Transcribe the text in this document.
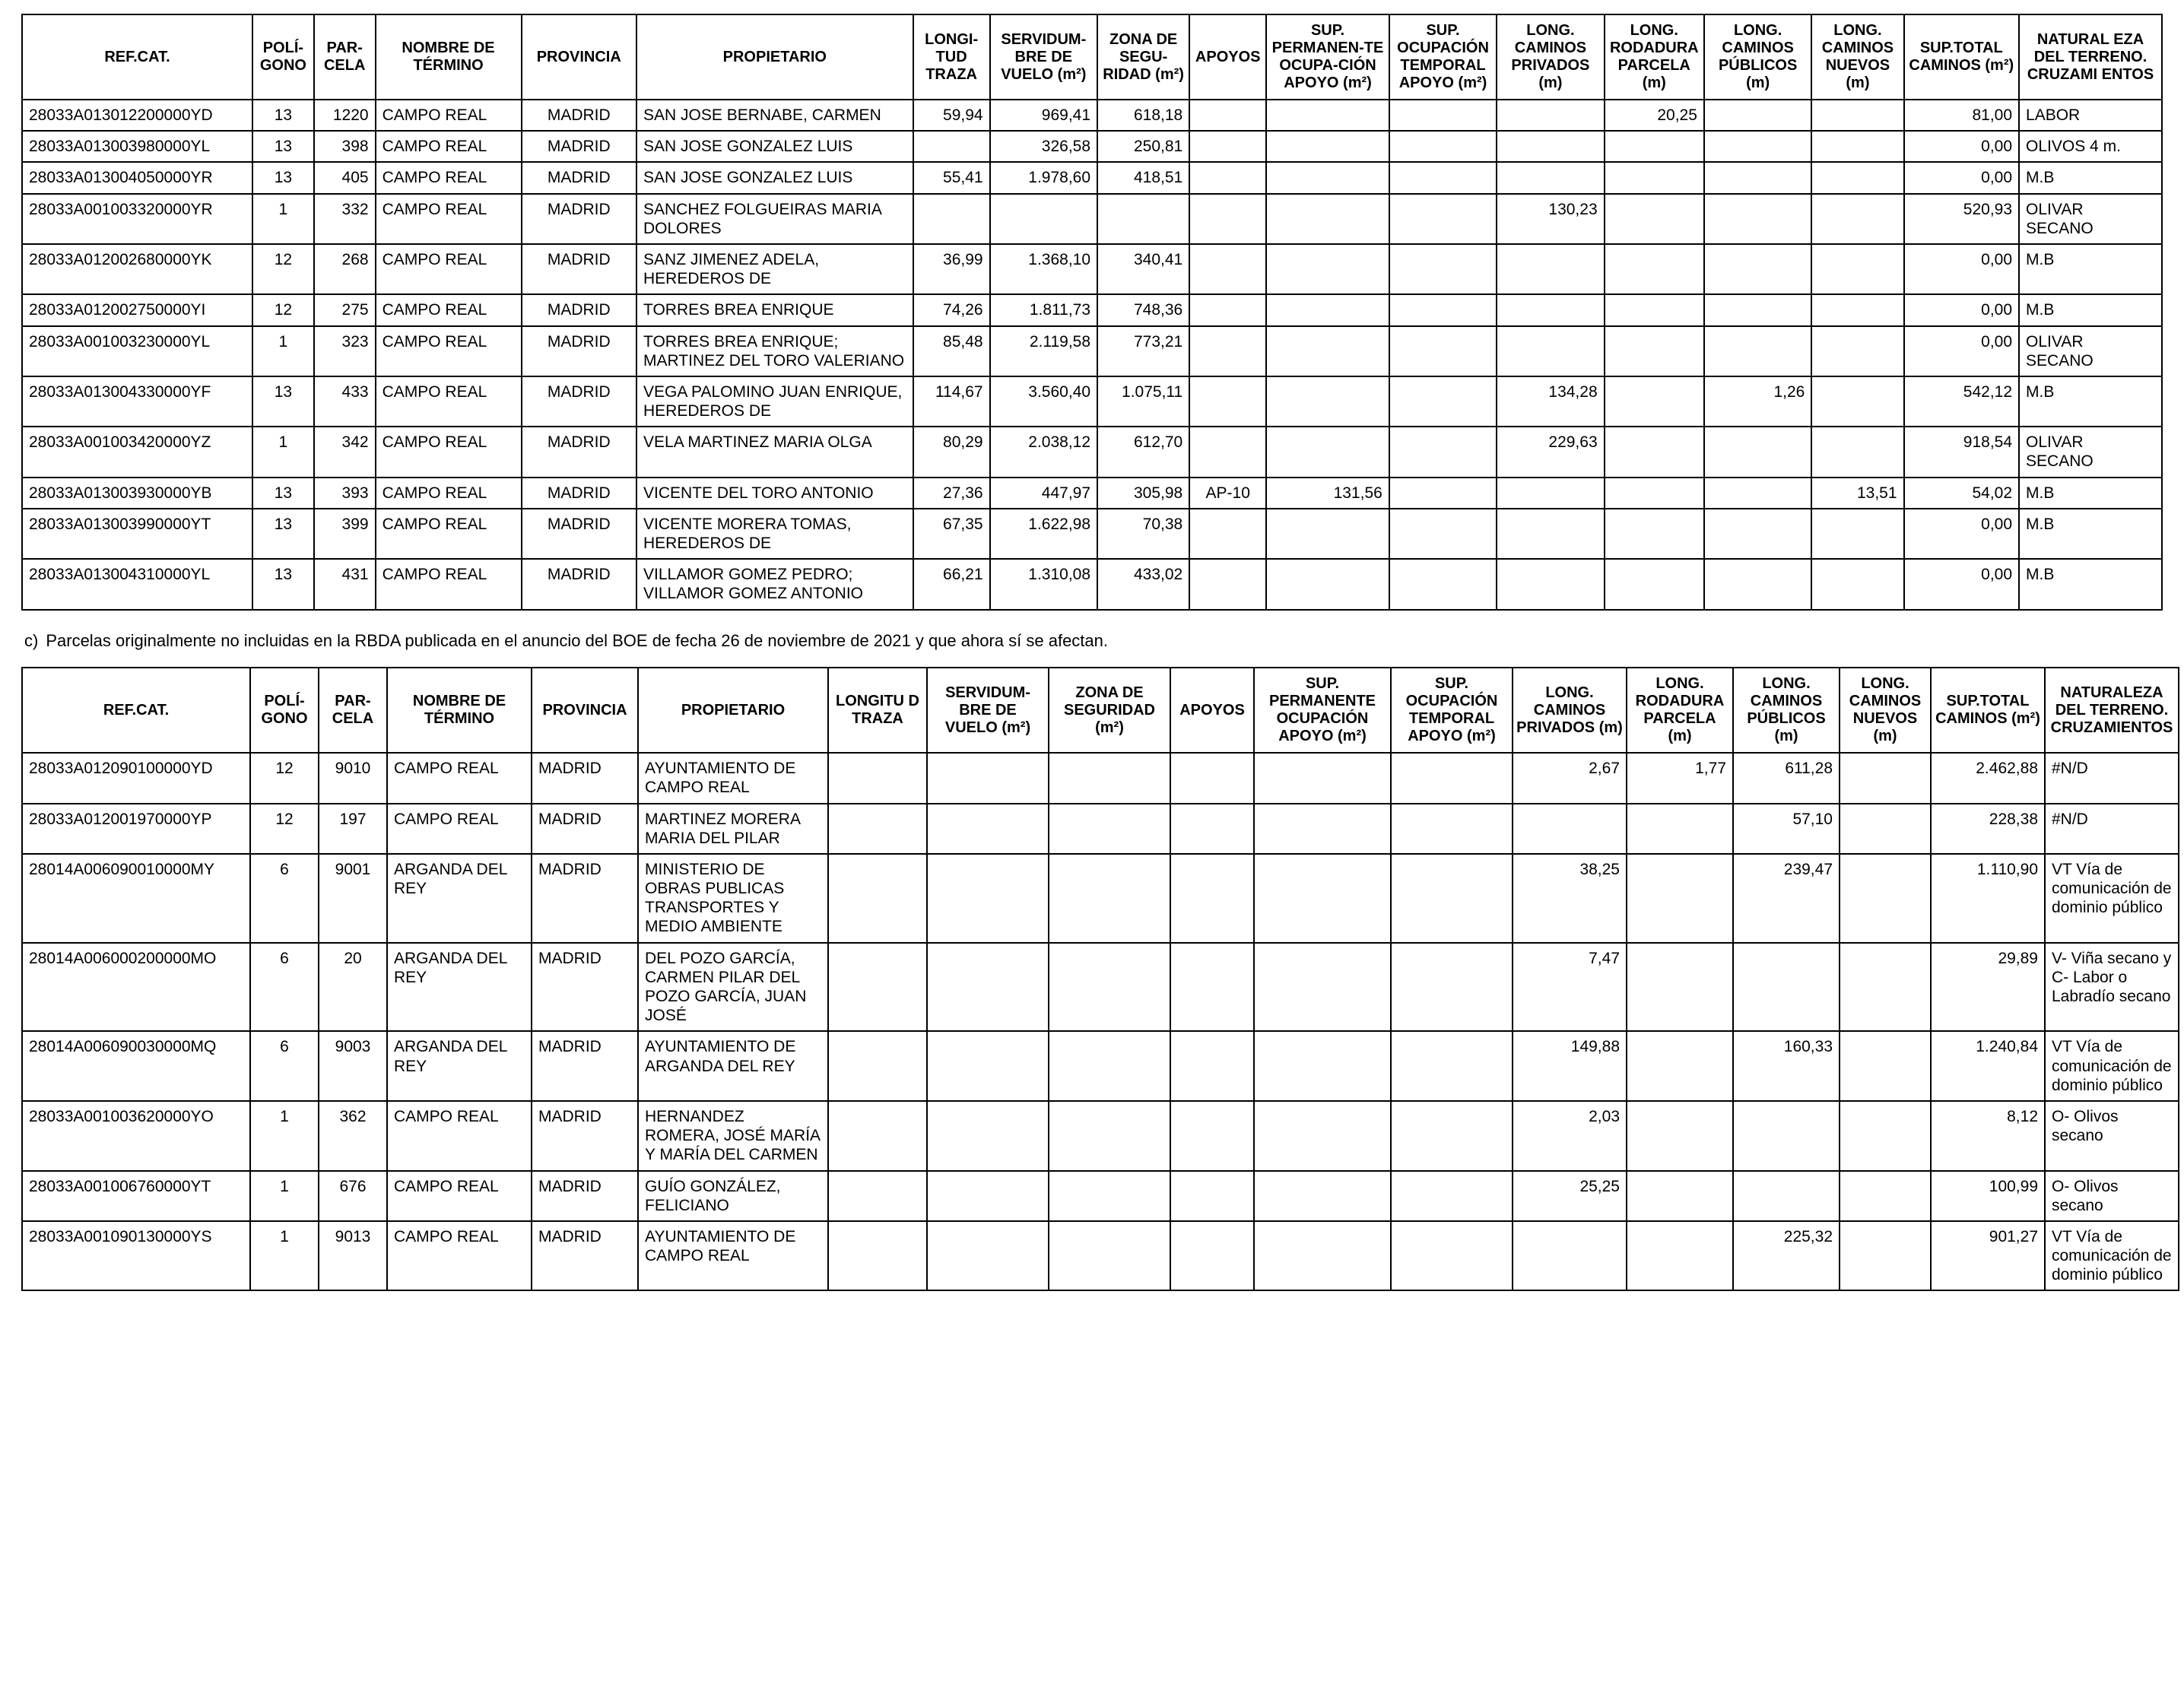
REF.CAT.	POLÍ-GONO	PAR-CELA	NOMBRE DE TÉRMINO	PROVINCIA	PROPIETARIO	LONGI-TUD TRAZA	SERVIDUM-BRE DE VUELO (m²)	ZONA DE SEGU-RIDAD (m²)	APOYOS	SUP. PERMANEN-TE OCUPA-CIÓN APOYO (m²)	SUP. OCUPACIÓN TEMPORAL APOYO (m²)	LONG. CAMINOS PRIVADOS (m)	LONG. RODADURA PARCELA (m)	LONG. CAMINOS PÚBLICOS (m)	LONG. CAMINOS NUEVOS (m)	SUP.TOTAL CAMINOS (m²)	NATURAL EZA DEL TERRENO. CRUZAMI ENTOS
28033A013012200000YD	13	1220	CAMPO REAL	MADRID	SAN JOSE BERNABE, CARMEN	59,94	969,41	618,18					20,25			81,00	LABOR
28033A013003980000YL	13	398	CAMPO REAL	MADRID	SAN JOSE GONZALEZ LUIS		326,58	250,81								0,00	OLIVOS 4 m.
28033A013004050000YR	13	405	CAMPO REAL	MADRID	SAN JOSE GONZALEZ LUIS	55,41	1.978,60	418,51								0,00	M.B
28033A001003320000YR	1	332	CAMPO REAL	MADRID	SANCHEZ FOLGUEIRAS MARIA DOLORES							130,23				520,93	OLIVAR SECANO
28033A012002680000YK	12	268	CAMPO REAL	MADRID	SANZ JIMENEZ ADELA, HEREDEROS DE	36,99	1.368,10	340,41								0,00	M.B
28033A012002750000YI	12	275	CAMPO REAL	MADRID	TORRES BREA ENRIQUE	74,26	1.811,73	748,36								0,00	M.B
28033A001003230000YL	1	323	CAMPO REAL	MADRID	TORRES BREA ENRIQUE; MARTINEZ DEL TORO VALERIANO	85,48	2.119,58	773,21								0,00	OLIVAR SECANO
28033A013004330000YF	13	433	CAMPO REAL	MADRID	VEGA PALOMINO JUAN ENRIQUE, HEREDEROS DE	114,67	3.560,40	1.075,11				134,28		1,26		542,12	M.B
28033A001003420000YZ	1	342	CAMPO REAL	MADRID	VELA MARTINEZ MARIA OLGA	80,29	2.038,12	612,70				229,63				918,54	OLIVAR SECANO
28033A013003930000YB	13	393	CAMPO REAL	MADRID	VICENTE DEL TORO ANTONIO	27,36	447,97	305,98	AP-10	131,56					13,51	54,02	M.B
28033A013003990000YT	13	399	CAMPO REAL	MADRID	VICENTE MORERA TOMAS, HEREDEROS DE	67,35	1.622,98	70,38								0,00	M.B
28033A013004310000YL	13	431	CAMPO REAL	MADRID	VILLAMOR GOMEZ PEDRO; VILLAMOR GOMEZ ANTONIO	66,21	1.310,08	433,02								0,00	M.B

c) Parcelas originalmente no incluidas en la RBDA publicada en el anuncio del BOE de fecha 26 de noviembre de 2021 y que ahora sí se afectan.

REF.CAT.	POLÍ-GONO	PAR-CELA	NOMBRE DE TÉRMINO	PROVINCIA	PROPIETARIO	LONGITU D TRAZA	SERVIDUM-BRE DE VUELO (m²)	ZONA DE SEGURIDAD (m²)	APOYOS	SUP. PERMANENTE OCUPACIÓN APOYO (m²)	SUP. OCUPACIÓN TEMPORAL APOYO (m²)	LONG. CAMINOS PRIVADOS (m)	LONG. RODADURA PARCELA (m)	LONG. CAMINOS PÚBLICOS (m)	LONG. CAMINOS NUEVOS (m)	SUP.TOTAL CAMINOS (m²)	NATURALEZA DEL TERRENO. CRUZAMIENTOS
28033A012090100000YD	12	9010	CAMPO REAL	MADRID	AYUNTAMIENTO DE CAMPO REAL							2,67	1,77	611,28		2.462,88	#N/D
28033A012001970000YP	12	197	CAMPO REAL	MADRID	MARTINEZ MORERA MARIA DEL PILAR									57,10		228,38	#N/D
28014A006090010000MY	6	9001	ARGANDA DEL REY	MADRID	MINISTERIO DE OBRAS PUBLICAS TRANSPORTES Y MEDIO AMBIENTE							38,25		239,47		1.110,90	VT Vía de comunicación de dominio público
28014A006000200000MO	6	20	ARGANDA DEL REY	MADRID	DEL POZO GARCÍA, CARMEN PILAR DEL POZO GARCÍA, JUAN JOSÉ							7,47				29,89	V- Viña secano y C- Labor o Labradío secano
28014A006090030000MQ	6	9003	ARGANDA DEL REY	MADRID	AYUNTAMIENTO DE ARGANDA DEL REY							149,88		160,33		1.240,84	VT Vía de comunicación de dominio público
28033A001003620000YO	1	362	CAMPO REAL	MADRID	HERNANDEZ ROMERA, JOSÉ MARÍA Y MARÍA DEL CARMEN							2,03				8,12	O- Olivos secano
28033A001006760000YT	1	676	CAMPO REAL	MADRID	GUÍO GONZÁLEZ, FELICIANO							25,25				100,99	O- Olivos secano
28033A001090130000YS	1	9013	CAMPO REAL	MADRID	AYUNTAMIENTO DE CAMPO REAL									225,32		901,27	VT Vía de comunicación de dominio público
